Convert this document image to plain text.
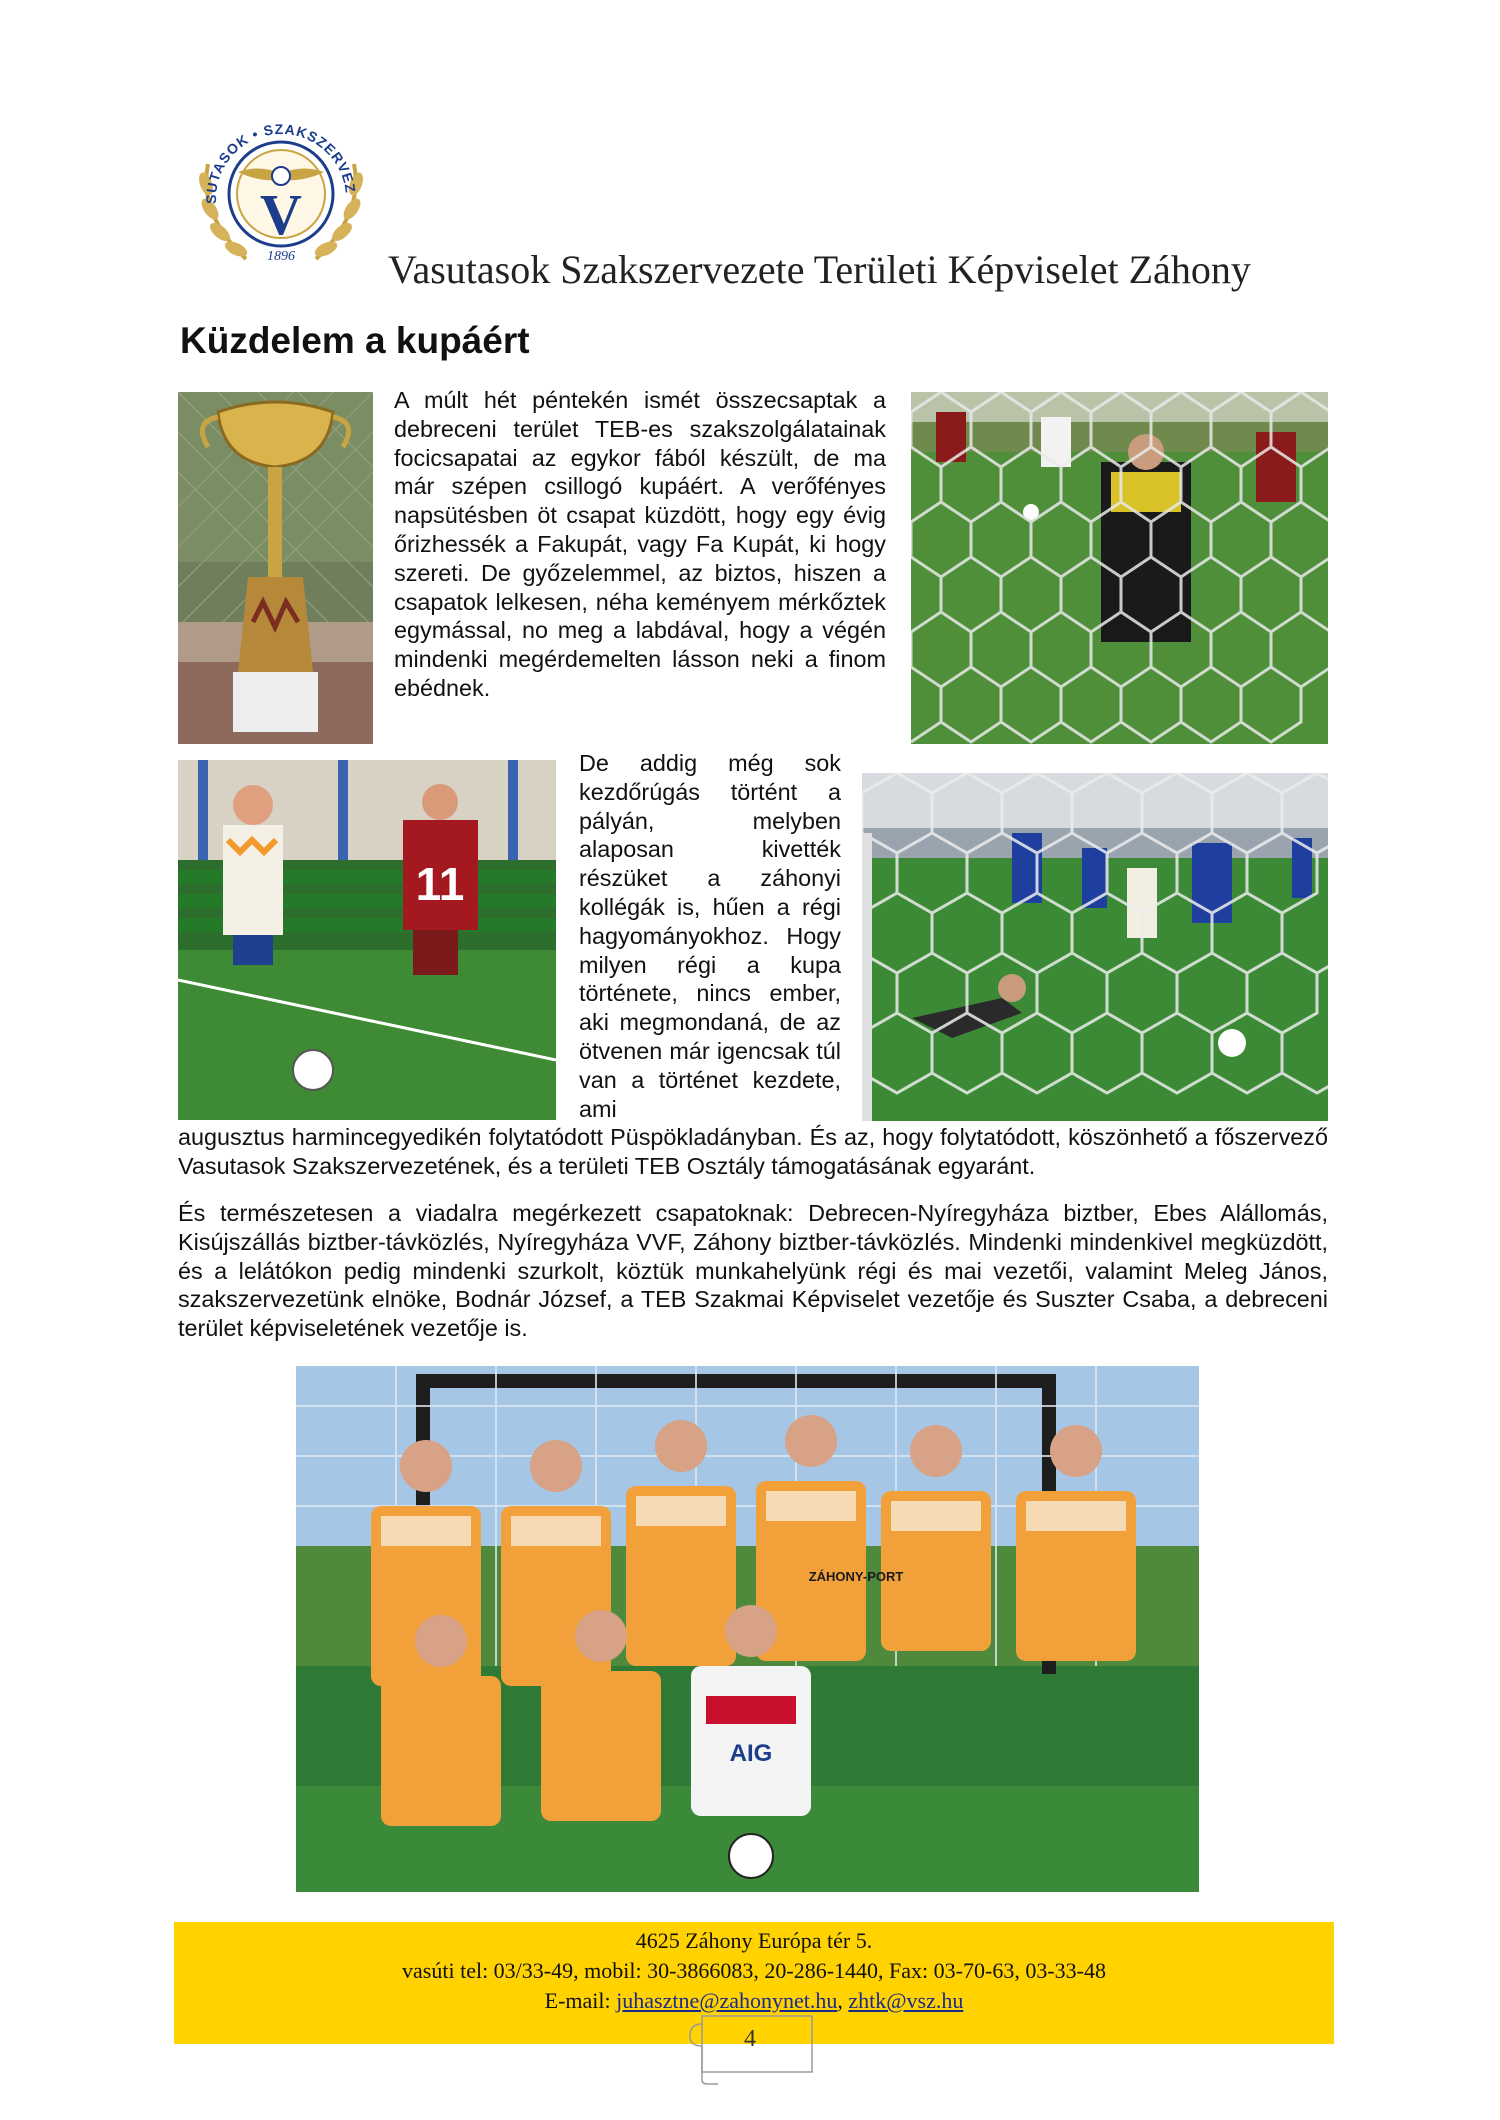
V
SUTASOK • SZAKSZERVEZ
1896 Vasutasok Szakszervezete Területi Képviselet Záhony
Küzdelem a kupáért
A múlt hét péntekén ismét összecsaptak a debreceni terület TEB-es szakszolgálatainak focicsapatai az egykor fából készült, de ma már szépen csillogó kupáért. A verőfényes napsütésben öt csapat küzdött, hogy egy évig őrizhessék a Fakupát, vagy Fa Kupát, ki hogy szereti. De győzelemmel, az biztos, hiszen a csapatok lelkesen, néha keményem mérkőztek egymással, no meg a labdával, hogy a végén mindenki megérdemelten lásson neki a finom ebédnek.
11
De addig még sok kezdőrúgás történt a pályán, melyben alaposan kivették részüket a záhonyi kollégák is, hűen a régi hagyományokhoz. Hogy milyen régi a kupa története, nincs ember, aki megmondaná, de az ötvenen már igencsak túl van a történet kezdete, ami
augusztus harmincegyedikén folytatódott Püspökladányban. És az, hogy folytatódott, köszönhető a főszervező Vasutasok Szakszervezetének, és a területi TEB Osztály támogatásának egyaránt.
És természetesen a viadalra megérkezett csapatoknak: Debrecen-Nyíregyháza biztber, Ebes Alállomás, Kisújszállás biztber-távközlés, Nyíregyháza VVF, Záhony biztber-távközlés. Mindenki mindenkivel megküzdött, és a lelátókon pedig mindenki szurkolt, köztük munkahelyünk régi és mai vezetői, valamint Meleg János, szakszervezetünk elnöke, Bodnár József, a TEB Szakmai Képviselet vezetője és Suszter Csaba, a debreceni terület képviseletének vezetője is.
AIG
ZÁHONY-PORT
4625 Záhony Európa tér 5.
vasúti tel: 03/33-49, mobil: 30-3866083, 20-286-1440, Fax: 03-70-63, 03-33-48
E-mail: juhasztne@zahonynet.hu, zhtk@vsz.hu
4
